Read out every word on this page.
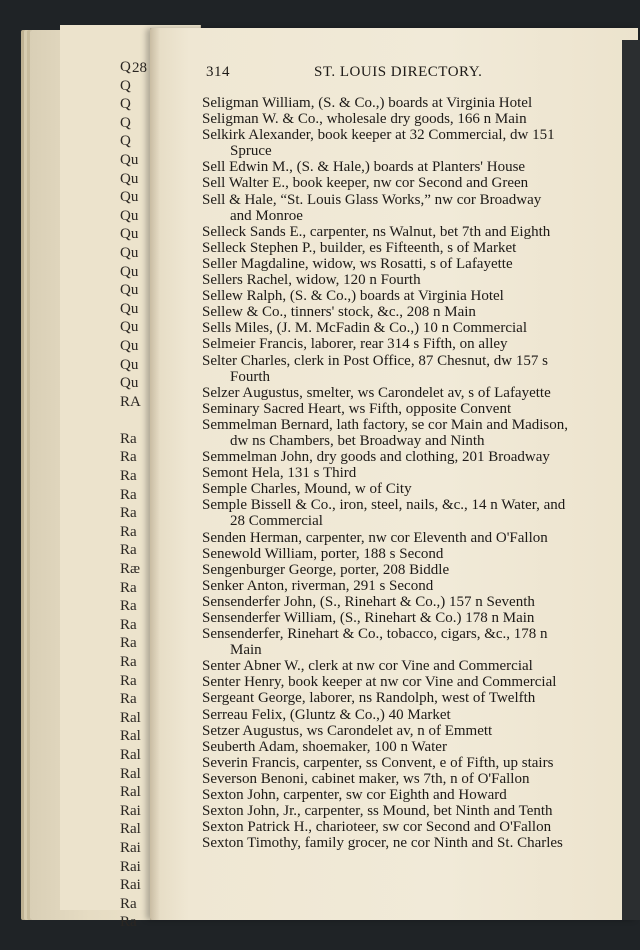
28
Q
Q
Q
Q
Q
Qu
Qu
Qu
Qu
Qu
Qu
Qu
Qu
Qu
Qu
Qu
Qu
Qu
RA
Ra
Ra
Ra
Ra
Ra
Ra
Ra
Ræ
Ra
Ra
Ra
Ra
Ra
Ra
Ra
Ral
Ral
Ral
Ral
Ral
Rai
Ral
Rai
Rai
Rai
Ra
Ra
314	ST. LOUIS DIRECTORY.
Seligman William, (S. & Co.,) boards at Virginia Hotel
Seligman W. & Co., wholesale dry goods, 166 n Main
Selkirk Alexander, book keeper at 32 Commercial, dw 151
Spruce
Sell Edwin M., (S. & Hale,) boards at Planters' House
Sell Walter E., book keeper, nw cor Second and Green
Sell & Hale, “St. Louis Glass Works,” nw cor Broadway
and Monroe
Selleck Sands E., carpenter, ns Walnut, bet 7th and Eighth
Selleck Stephen P., builder, es Fifteenth, s of Market
Seller Magdaline, widow, ws Rosatti, s of Lafayette
Sellers Rachel, widow, 120 n Fourth
Sellew Ralph, (S. & Co.,) boards at Virginia Hotel
Sellew & Co., tinners' stock, &c., 208 n Main
Sells Miles, (J. M. McFadin & Co.,) 10 n Commercial
Selmeier Francis, laborer, rear 314 s Fifth, on alley
Selter Charles, clerk in Post Office, 87 Chesnut, dw 157 s
Fourth
Selzer Augustus, smelter, ws Carondelet av, s of Lafayette
Seminary Sacred Heart, ws Fifth, opposite Convent
Semmelman Bernard, lath factory, se cor Main and Madison,
dw ns Chambers, bet Broadway and Ninth
Semmelman John, dry goods and clothing, 201 Broadway
Semont Hela, 131 s Third
Semple Charles, Mound, w of City
Semple Bissell & Co., iron, steel, nails, &c., 14 n Water, and
28 Commercial
Senden Herman, carpenter, nw cor Eleventh and O'Fallon
Senewold William, porter, 188 s Second
Sengenburger George, porter, 208 Biddle
Senker Anton, riverman, 291 s Second
Sensenderfer John, (S., Rinehart & Co.,) 157 n Seventh
Sensenderfer William, (S., Rinehart & Co.) 178 n Main
Sensenderfer, Rinehart & Co., tobacco, cigars, &c., 178 n
Main
Senter Abner W., clerk at nw cor Vine and Commercial
Senter Henry, book keeper at nw cor Vine and Commercial
Sergeant George, laborer, ns Randolph, west of Twelfth
Serreau Felix, (Gluntz & Co.,) 40 Market
Setzer Augustus, ws Carondelet av, n of Emmett
Seuberth Adam, shoemaker, 100 n Water
Severin Francis, carpenter, ss Convent, e of Fifth, up stairs
Severson Benoni, cabinet maker, ws 7th, n of O'Fallon
Sexton John, carpenter, sw cor Eighth and Howard
Sexton John, Jr., carpenter, ss Mound, bet Ninth and Tenth
Sexton Patrick H., charioteer, sw cor Second and O'Fallon
Sexton Timothy, family grocer, ne cor Ninth and St. Charles
